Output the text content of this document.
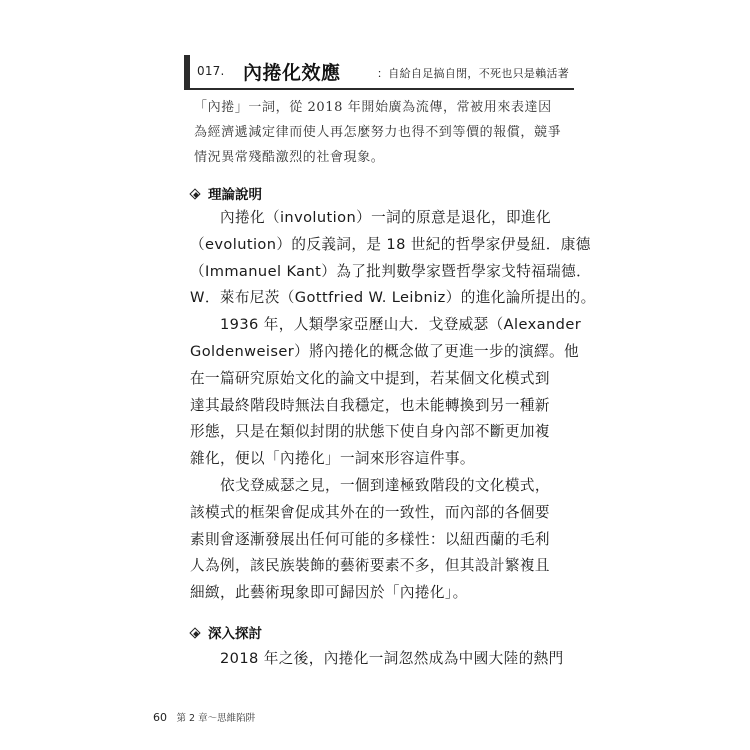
017. 內捲化效應	：自給自足搞自閉，不死也只是賴活著
「內捲」一詞，從 2018 年開始廣為流傳，常被用來表達因
為經濟遞減定律而使人再怎麼努力也得不到等價的報償，競爭
情況異常殘酷激烈的社會現象。
理論說明
　　內捲化（involution）一詞的原意是退化，即進化
（evolution）的反義詞，是 18 世紀的哲學家伊曼紐．康德
（Immanuel Kant）為了批判數學家暨哲學家戈特福瑞德．
W．萊布尼茨（Gottfried W. Leibniz）的進化論所提出的。
　　1936 年，人類學家亞歷山大．戈登威瑟（Alexander
Goldenweiser）將內捲化的概念做了更進一步的演繹。他
在一篇研究原始文化的論文中提到，若某個文化模式到
達其最終階段時無法自我穩定，也未能轉換到另一種新
形態，只是在類似封閉的狀態下使自身內部不斷更加複
雜化，便以「內捲化」一詞來形容這件事。
　　依戈登威瑟之見，一個到達極致階段的文化模式，
該模式的框架會促成其外在的一致性，而內部的各個要
素則會逐漸發展出任何可能的多樣性：以紐西蘭的毛利
人為例，該民族裝飾的藝術要素不多，但其設計繁複且
細緻，此藝術現象即可歸因於「內捲化」。
深入探討
　　2018 年之後，內捲化一詞忽然成為中國大陸的熱門
60 第 2 章～思維陷阱
